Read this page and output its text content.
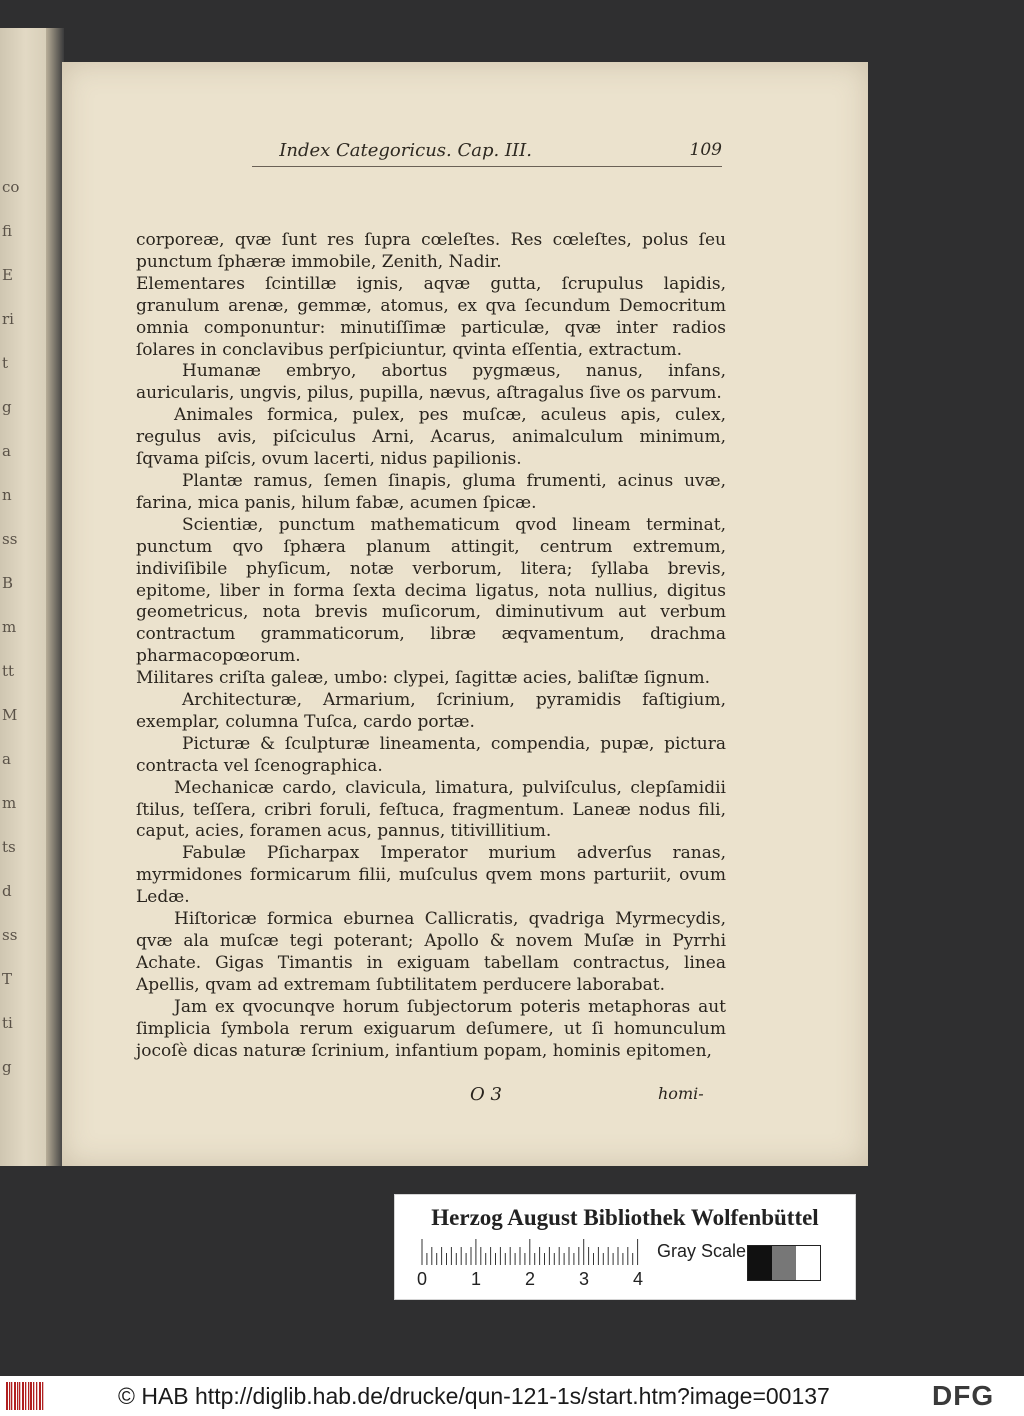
co
fi
E
ri
t
g
a
n
ss
B
m
tt
M
a
m
ts
d
ss
T
ti
g
Index Categoricus. Cap. III.	109

corporeæ, qvæ ſunt res ſupra cœleſtes. Res cœleſtes, polus ſeu punctum ſphæræ immobile, Zenith, Nadir.

Elementares ſcintillæ ignis, aqvæ gutta, ſcrupulus lapidis, granulum arenæ, gemmæ, atomus, ex qva ſecundum Democritum omnia componuntur: minutiſſimæ particulæ, qvæ inter radios ſolares in conclavibus perſpiciuntur, qvinta eſſentia, extractum.

Humanæ embryo, abortus pygmæus, nanus, infans, auricularis, ungvis, pilus, pupilla, nævus, aſtragalus ſive os parvum.

Animales formica, pulex, pes muſcæ, aculeus apis, culex, regulus avis, piſciculus Arni, Acarus, animalculum minimum, ſqvama piſcis, ovum lacerti, nidus papilionis.

Plantæ ramus, ſemen ſinapis, gluma frumenti, acinus uvæ, farina, mica panis, hilum fabæ, acumen ſpicæ.

Scientiæ, punctum mathematicum qvod lineam terminat, punctum qvo ſphæra planum attingit, centrum extremum, indiviſibile phyſicum, notæ verborum, litera; ſyllaba brevis, epitome, liber in forma ſexta decima ligatus, nota nullius, digitus geometricus, nota brevis muſicorum, diminutivum aut verbum contractum grammaticorum, libræ æqvamentum, drachma pharmacopœorum.

Militares criſta galeæ, umbo: clypei, ſagittæ acies, baliſtæ ſignum.

Architecturæ, Armarium, ſcrinium, pyramidis faſtigium, exemplar, columna Tuſca, cardo portæ.

Picturæ & ſculpturæ lineamenta, compendia, pupæ, pictura contracta vel ſcenographica.

Mechanicæ cardo, clavicula, limatura, pulviſculus, clepſamidii ſtilus, teſſera, cribri foruli, feſtuca, fragmentum. Laneæ nodus fili, caput, acies, foramen acus, pannus, titivillitium.

Fabulæ Pſicharpax Imperator murium adverſus ranas, myrmidones formicarum filii, muſculus qvem mons parturiit, ovum Ledæ.

Hiſtoricæ formica eburnea Callicratis, qvadriga Myrmecydis, qvæ ala muſcæ tegi poterant; Apollo & novem Muſæ in Pyrrhi Achate. Gigas Timantis in exiguam tabellam contractus, linea Apellis, qvam ad extremam ſubtilitatem perducere laborabat.

Jam ex qvocunqve horum ſubjectorum poteris metaphoras aut ſimplicia ſymbola rerum exiguarum deſumere, ut ſi homunculum jocoſè dicas naturæ ſcrinium, infantium popam, hominis epitomen,

O 3	homi-
Herzog August Bibliothek Wolfenbüttel
0 1 2 3 4
Gray Scale
© HAB http://diglib.hab.de/drucke/qun-121-1s/start.htm?image=00137	DFG
